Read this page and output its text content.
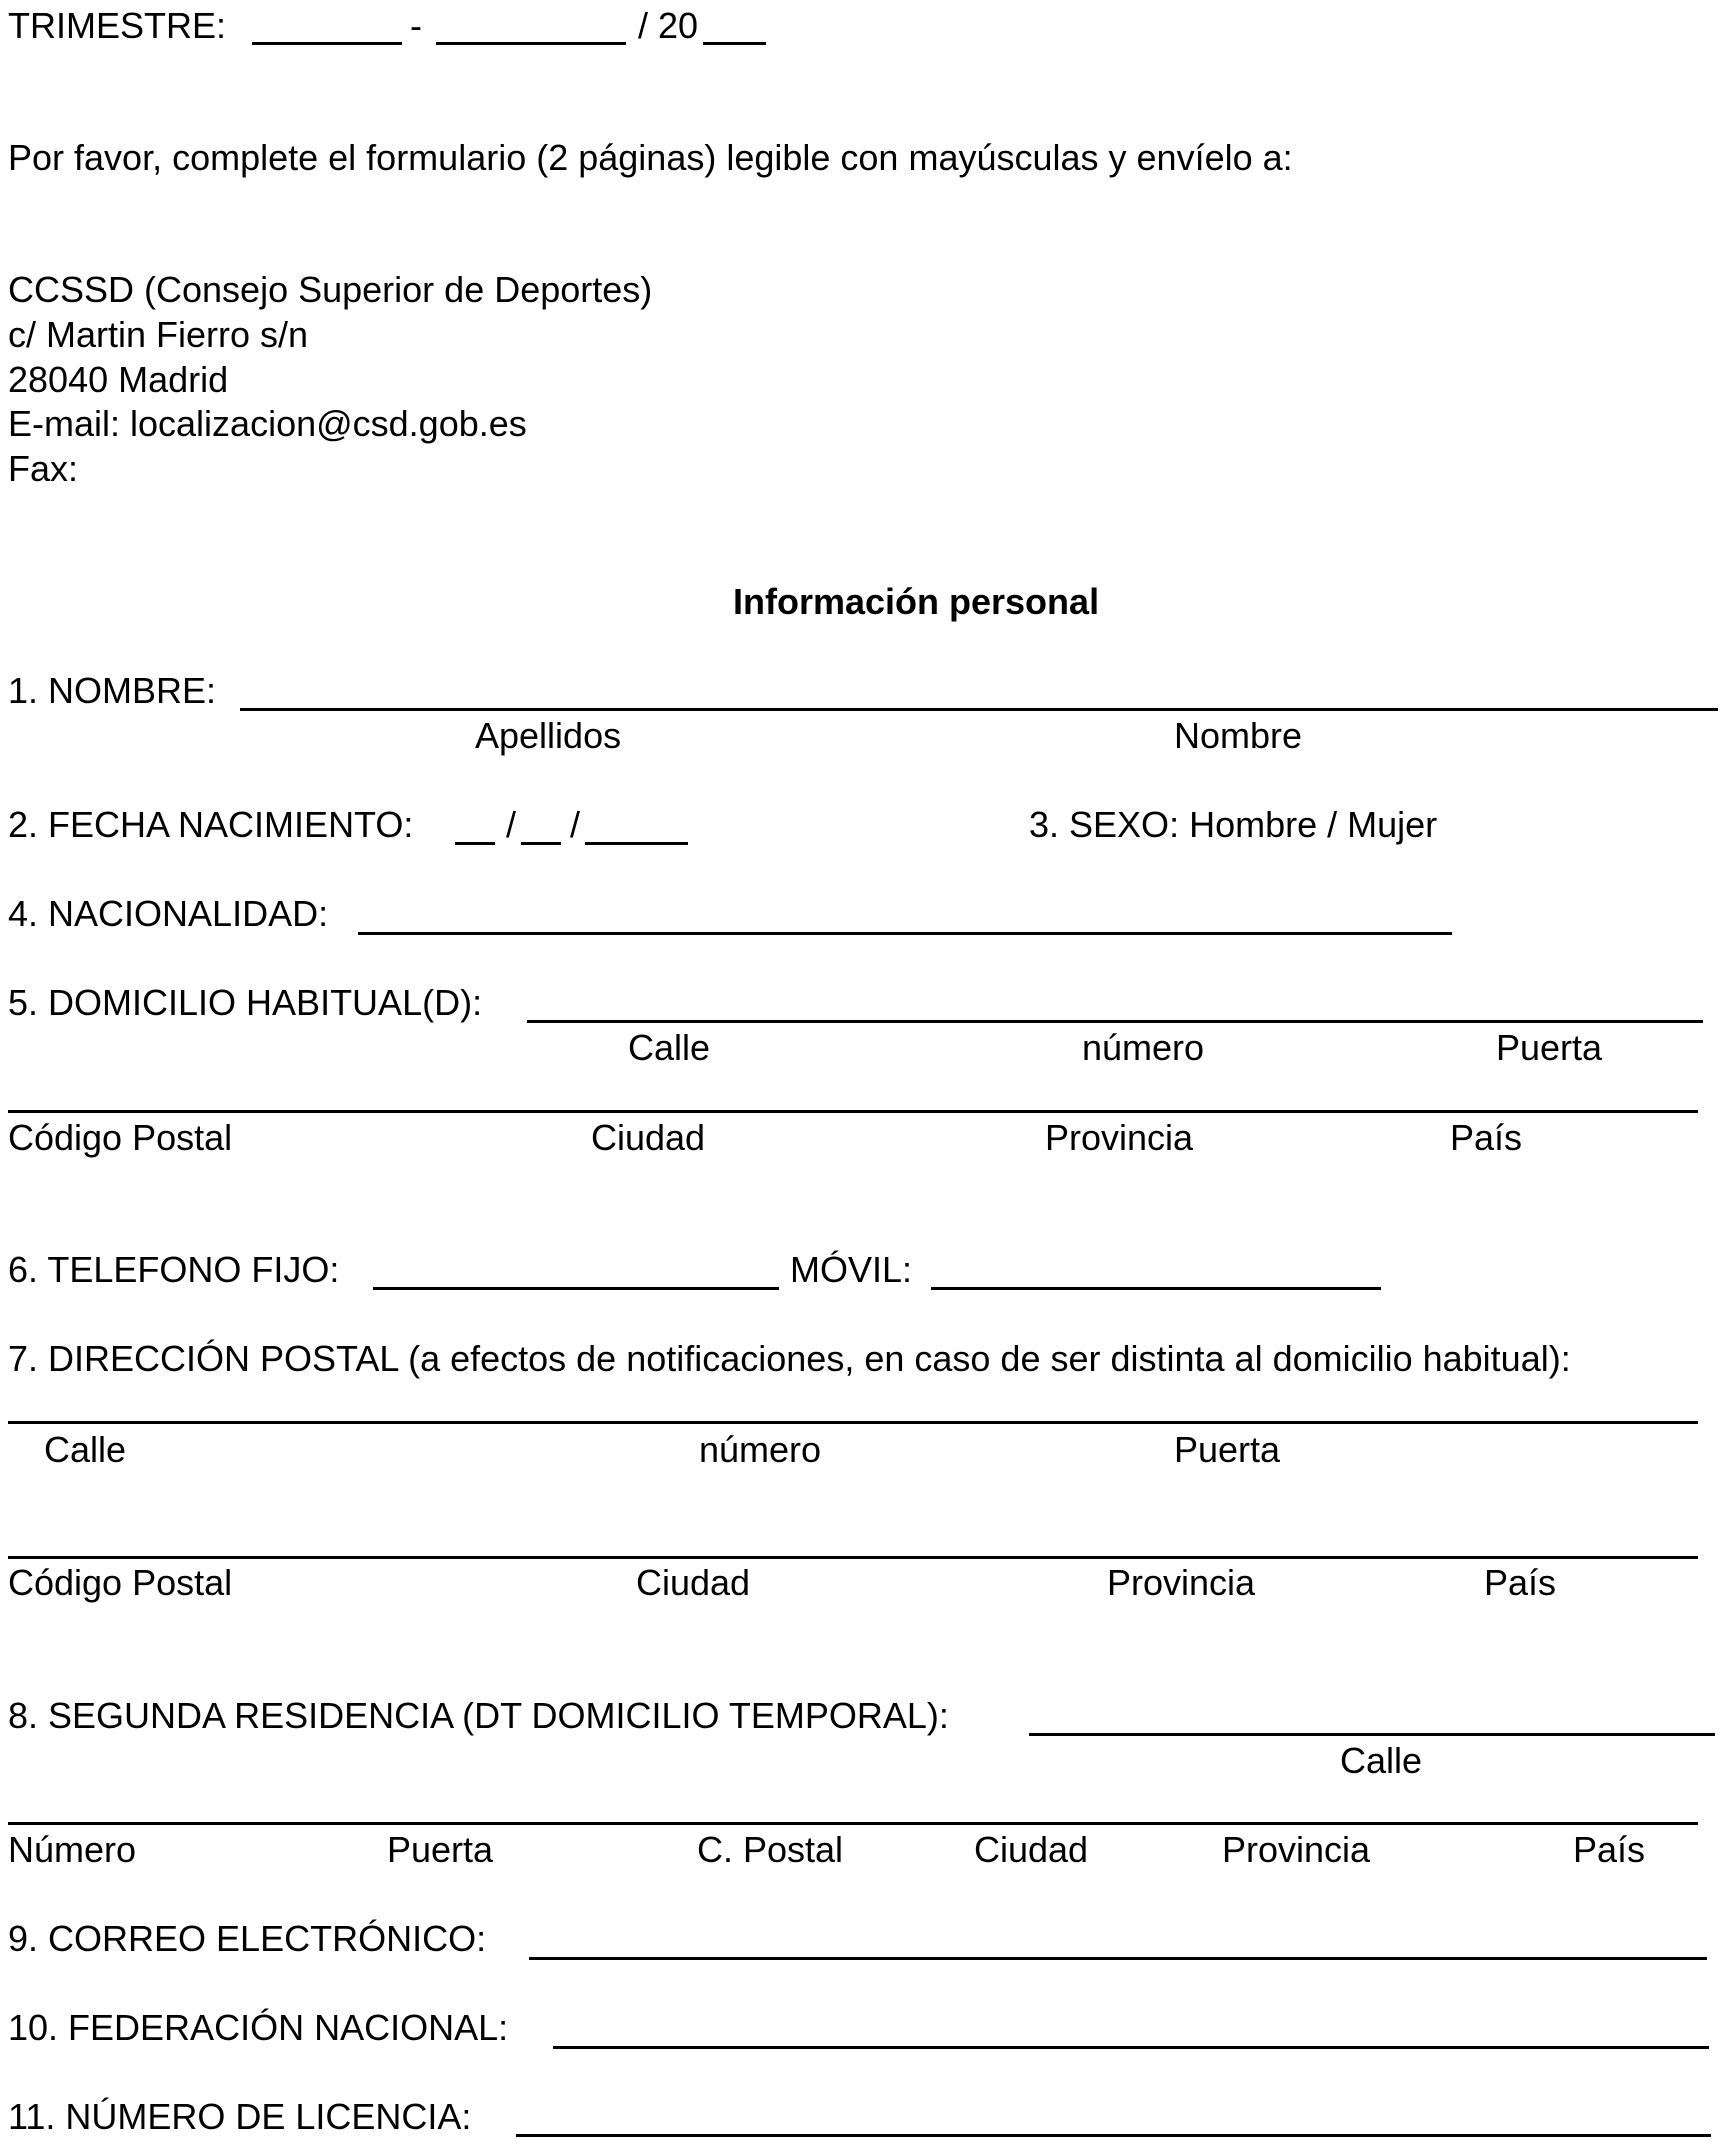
TRIMESTRE:	-	/ 20
Por favor, complete el formulario (2 páginas) legible con mayúsculas y envíelo a:
CCSSD (Consejo Superior de Deportes)
c/ Martin Fierro s/n
28040 Madrid
E-mail: localizacion@csd.gob.es
Fax:
Información personal
1. NOMBRE:
Apellidos	Nombre
2. FECHA NACIMIENTO:	/ /	3. SEXO: Hombre / Mujer
4. NACIONALIDAD:
5. DOMICILIO HABITUAL(D):
Calle	número	Puerta
Código Postal	Ciudad	Provincia	País
6. TELEFONO FIJO:	MÓVIL:
7. DIRECCIÓN POSTAL (a efectos de notificaciones, en caso de ser distinta al domicilio habitual):
Calle	número	Puerta
Código Postal	Ciudad	Provincia	País
8. SEGUNDA RESIDENCIA (DT DOMICILIO TEMPORAL):
Calle
Número	Puerta	C. Postal	Ciudad	Provincia	País
9. CORREO ELECTRÓNICO:
10. FEDERACIÓN NACIONAL:
11. NÚMERO DE LICENCIA:
